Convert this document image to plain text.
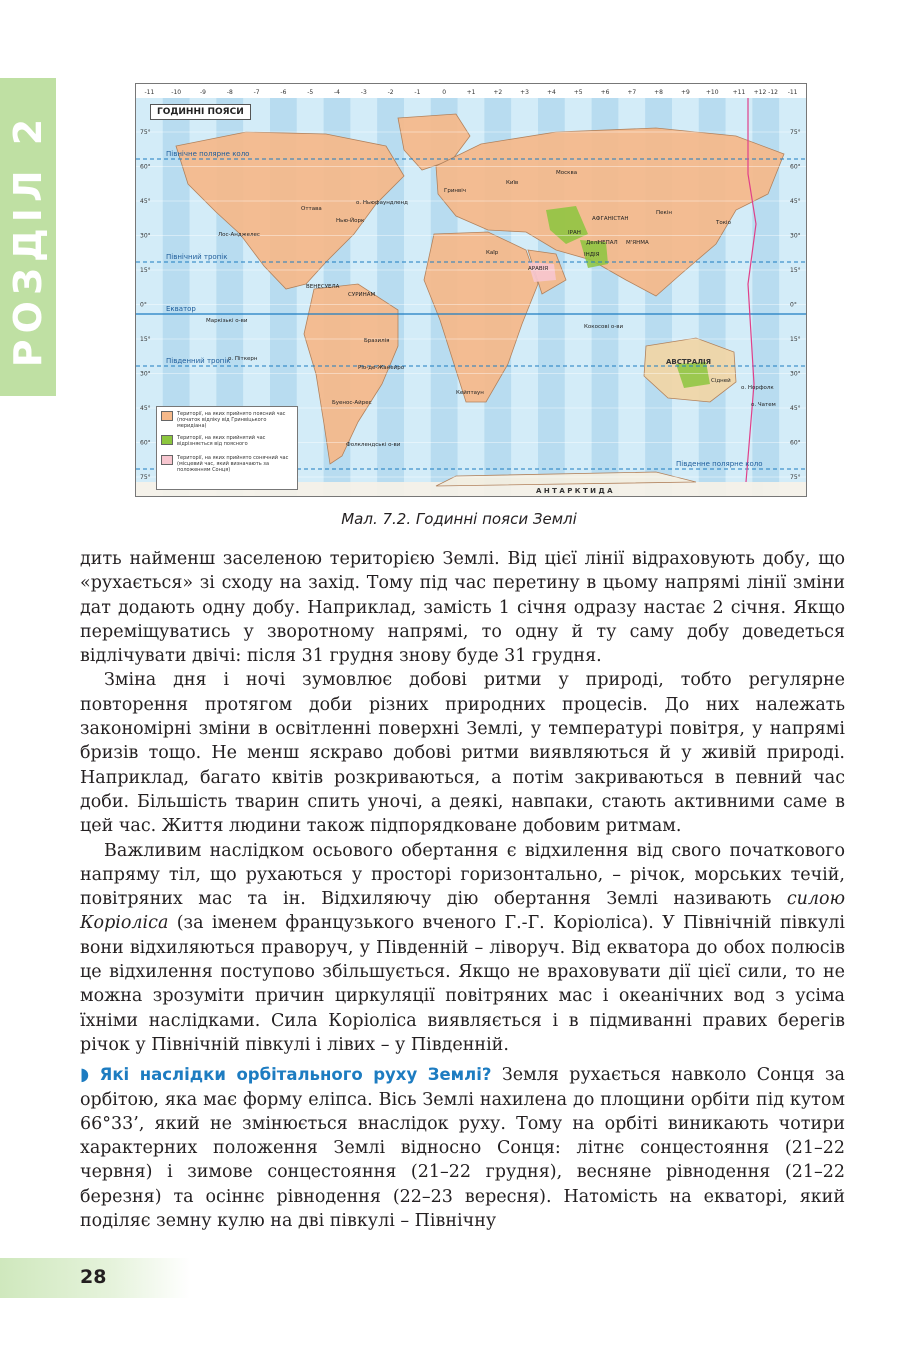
РОЗДІЛ 2
-11	-10	-9	-8	-7	-6	-5	-4	-3	-2	-1	0	+1	+2	+3	+4	+5	+6	+7	+8	+9	+10 +11 +12 -12 -11
75°	75°
60°	60°
45°	45°
30°	30°
15°	15°
0°	0°
15°	15°
30°	30°
45°	45°
60°	60°
75°	75°
Північне полярне коло
Північний тропік
Екватор
Південний тропік
Південне полярне коло
А Н Т А Р К Т И Д А
АВСТРАЛІЯ
Оттава
Нью-Йорк
Лос-Анджелес
о. Ньюфаундленд
Гринвіч
Київ
Москва
Каїр
Делі
Пекін
Токіо
Сідней
ВЕНЕСУЕЛА
СУРИНАМ
Бразилія
Ріо-де-Жанейро
Буенос-Айрес
Кейптаун
ІРАН
АФГАНІСТАН
НЕПАЛ М'ЯНМА
ІНДІЯ
АРАВІЯ
Маркізькі о-ви
о. Піткерн
Кокосові о-ви
о. Норфолк
о. Чатем
Фолклендські о-ви
ГОДИННІ ПОЯСИ
Території, на яких прийнято поясний час (початок відліку від Гринвіцького меридіана)
Території, на яких прийнятий час відрізняється від поясного
Території, на яких прийнято сонячний час (місцевий час, який визначають за положенням Сонця)
Мал. 7.2. Годинні пояси Землі

дить найменш заселеною територією Землі. Від цієї лінії відраховують добу, що «рухається» зі сходу на захід. Тому під час перетину в цьому напрямі лінії зміни дат додають одну добу. Наприклад, замість 1 січня одразу настає 2 січня. Якщо переміщуватись у зворотному напрямі, то одну й ту саму добу доведеться відлічувати двічі: після 31 грудня знову буде 31 грудня.

Зміна дня і ночі зумовлює добові ритми у природі, тобто регулярне повторення протягом доби різних природних процесів. До них належать закономірні зміни в освітленні поверхні Землі, у температурі повітря, у напрямі бризів тощо. Не менш яскраво добові ритми виявляються й у живій природі. Наприклад, багато квітів розкриваються, а потім закриваються в певний час доби. Більшість тварин спить уночі, а деякі, навпаки, стають активними саме в цей час. Життя людини також підпорядковане добовим ритмам.

Важливим наслідком осьового обертання є відхилення від свого початкового напряму тіл, що рухаються у просторі горизонтально, – річок, морських течій, повітряних мас та ін. Відхиляючу дію обертання Землі називають силою Коріоліса (за іменем французького вченого Г.-Г. Коріоліса). У Північній півкулі вони відхиляються праворуч, у Південній – ліворуч. Від екватора до обох полюсів це відхилення поступово збільшується. Якщо не враховувати дії цієї сили, то не можна зрозуміти причин циркуляції повітряних мас і океанічних вод з усіма їхніми наслідками. Сила Коріоліса виявляється і в підмиванні правих берегів річок у Північній півкулі і лівих – у Південній.

◗ Які наслідки орбітального руху Землі? Земля рухається навколо Сонця за орбітою, яка має форму еліпса. Вісь Землі нахилена до площини орбіти під кутом 66°33’, який не змінюється внаслідок руху. Тому на орбіті виникають чотири характерних положення Землі відносно Сонця: літнє сонцестояння (21–22 червня) і зимове сонцестояння (21–22 грудня), весняне рівнодення (21–22 березня) та осіннє рівнодення (22–23 вересня). Натомість на екваторі, який поділяє земну кулю на дві півкулі – Північну

28
